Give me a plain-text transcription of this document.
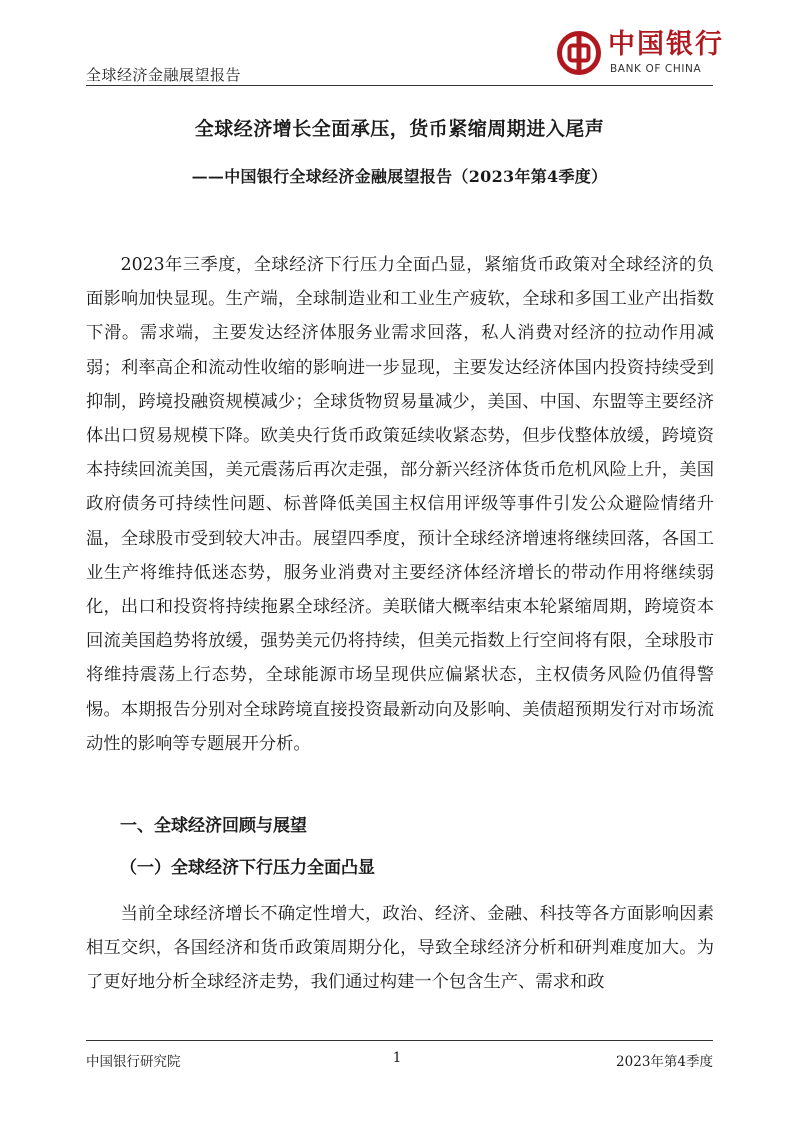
全球经济金融展望报告
中国银行
BANK OF CHINA
全球经济增长全面承压，货币紧缩周期进入尾声
——中国银行全球经济金融展望报告（2023年第4季度）

2023年三季度，全球经济下行压力全面凸显，紧缩货币政策对全球经济的负面影响加快显现。生产端，全球制造业和工业生产疲软，全球和多国工业产出指数下滑。需求端，主要发达经济体服务业需求回落，私人消费对经济的拉动作用减弱；利率高企和流动性收缩的影响进一步显现，主要发达经济体国内投资持续受到抑制，跨境投融资规模减少；全球货物贸易量减少，美国、中国、东盟等主要经济体出口贸易规模下降。欧美央行货币政策延续收紧态势，但步伐整体放缓，跨境资本持续回流美国，美元震荡后再次走强，部分新兴经济体货币危机风险上升，美国政府债务可持续性问题、标普降低美国主权信用评级等事件引发公众避险情绪升温，全球股市受到较大冲击。展望四季度，预计全球经济增速将继续回落，各国工业生产将维持低迷态势，服务业消费对主要经济体经济增长的带动作用将继续弱化，出口和投资将持续拖累全球经济。美联储大概率结束本轮紧缩周期，跨境资本回流美国趋势将放缓，强势美元仍将持续，但美元指数上行空间将有限，全球股市将维持震荡上行态势，全球能源市场呈现供应偏紧状态，主权债务风险仍值得警惕。本期报告分别对全球跨境直接投资最新动向及影响、美债超预期发行对市场流动性的影响等专题展开分析。

一、全球经济回顾与展望
（一）全球经济下行压力全面凸显

当前全球经济增长不确定性增大，政治、经济、金融、科技等各方面影响因素相互交织，各国经济和货币政策周期分化，导致全球经济分析和研判难度加大。为了更好地分析全球经济走势，我们通过构建一个包含生产、需求和政

中国银行研究院	1	2023年第4季度
